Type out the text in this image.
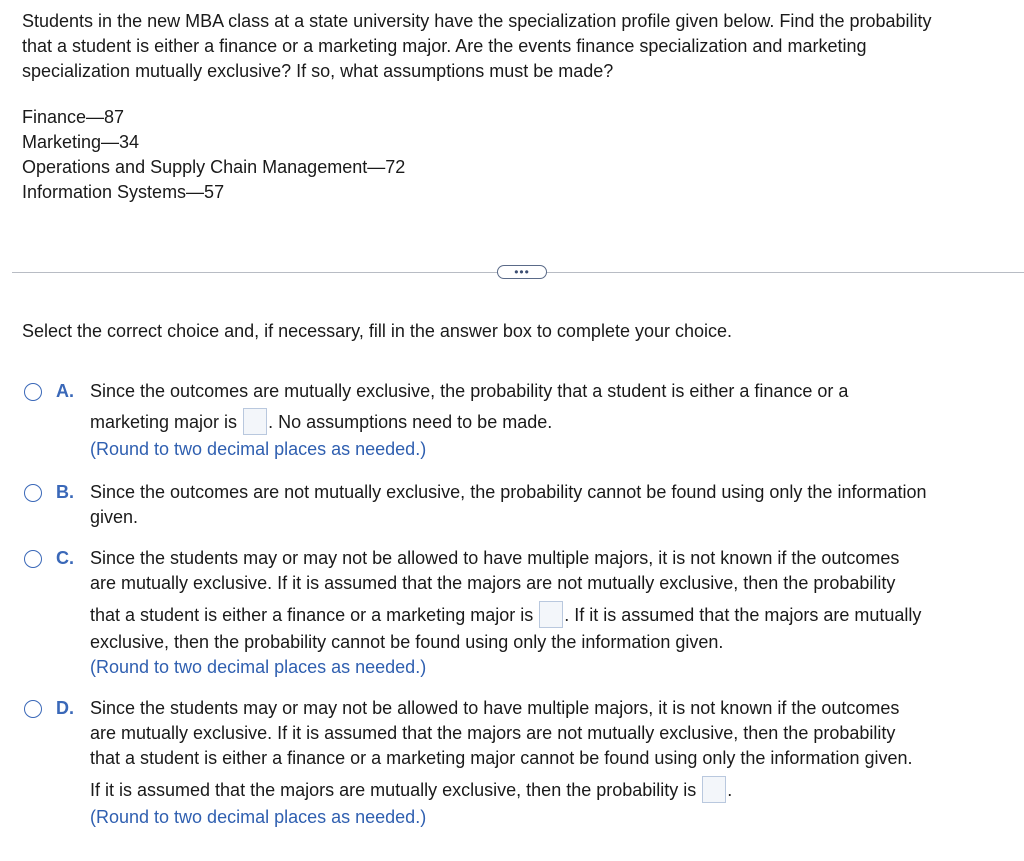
Students in the new MBA class at a state university have the specialization profile given below. Find the probability
that a student is either a finance or a marketing major. Are the events finance specialization and marketing
specialization mutually exclusive? If so, what assumptions must be made?
Finance—87
Marketing—34
Operations and Supply Chain Management—72
Information Systems—57
•••
Select the correct choice and, if necessary, fill in the answer box to complete your choice.
A. Since the outcomes are mutually exclusive, the probability that a student is either a finance or a
marketing major is . No assumptions need to be made.
(Round to two decimal places as needed.)
B. Since the outcomes are not mutually exclusive, the probability cannot be found using only the information
given.
C. Since the students may or may not be allowed to have multiple majors, it is not known if the outcomes
are mutually exclusive. If it is assumed that the majors are not mutually exclusive, then the probability
that a student is either a finance or a marketing major is . If it is assumed that the majors are mutually
exclusive, then the probability cannot be found using only the information given.
(Round to two decimal places as needed.)
D. Since the students may or may not be allowed to have multiple majors, it is not known if the outcomes
are mutually exclusive. If it is assumed that the majors are not mutually exclusive, then the probability
that a student is either a finance or a marketing major cannot be found using only the information given.
If it is assumed that the majors are mutually exclusive, then the probability is .
(Round to two decimal places as needed.)
